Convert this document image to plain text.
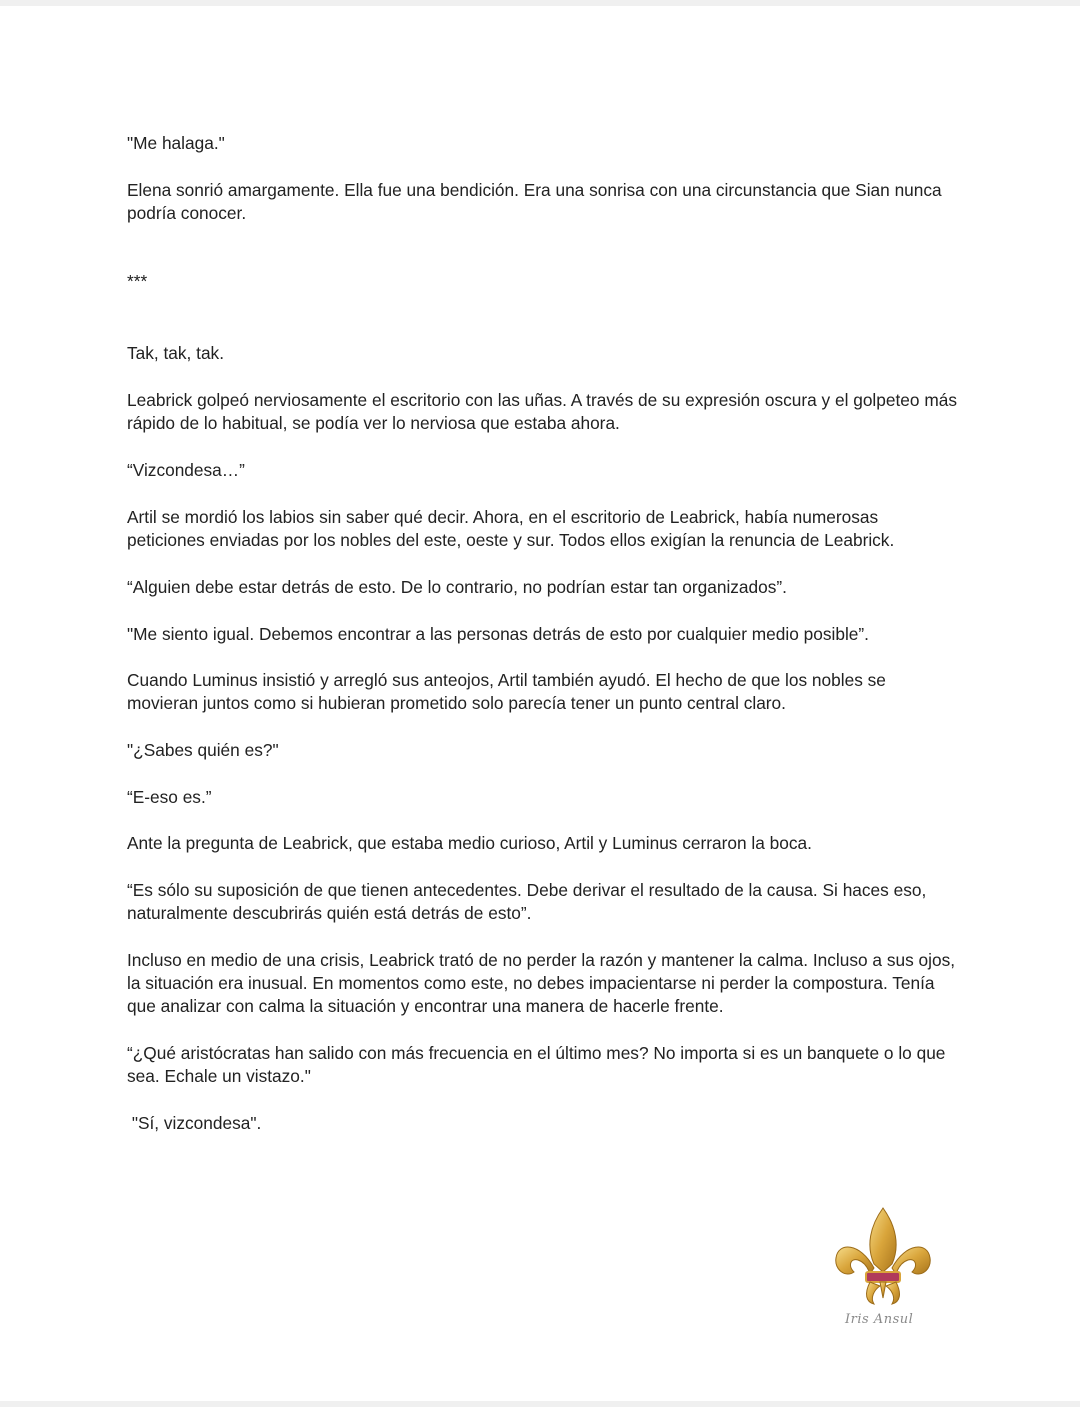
"Me halaga."

Elena sonrió amargamente. Ella fue una bendición. Era una sonrisa con una circunstancia que Sian nunca podría conocer.

***

Tak, tak, tak.

Leabrick golpeó nerviosamente el escritorio con las uñas. A través de su expresión oscura y el golpeteo más rápido de lo habitual, se podía ver lo nerviosa que estaba ahora.

“Vizcondesa…”

Artil se mordió los labios sin saber qué decir. Ahora, en el escritorio de Leabrick, había numerosas peticiones enviadas por los nobles del este, oeste y sur. Todos ellos exigían la renuncia de Leabrick.

“Alguien debe estar detrás de esto. De lo contrario, no podrían estar tan organizados”.

"Me siento igual. Debemos encontrar a las personas detrás de esto por cualquier medio posible”.

Cuando Luminus insistió y arregló sus anteojos, Artil también ayudó. El hecho de que los nobles se movieran juntos como si hubieran prometido solo parecía tener un punto central claro.

"¿Sabes quién es?"

“E-eso es.”

Ante la pregunta de Leabrick, que estaba medio curioso, Artil y Luminus cerraron la boca.

“Es sólo su suposición de que tienen antecedentes. Debe derivar el resultado de la causa. Si haces eso, naturalmente descubrirás quién está detrás de esto”.

Incluso en medio de una crisis, Leabrick trató de no perder la razón y mantener la calma. Incluso a sus ojos, la situación era inusual. En momentos como este, no debes impacientarse ni perder la compostura. Tenía que analizar con calma la situación y encontrar una manera de hacerle frente.

“¿Qué aristócratas han salido con más frecuencia en el último mes? No importa si es un banquete o lo que sea. Echale un vistazo."

"Sí, vizcondesa".

Iris Ansul
